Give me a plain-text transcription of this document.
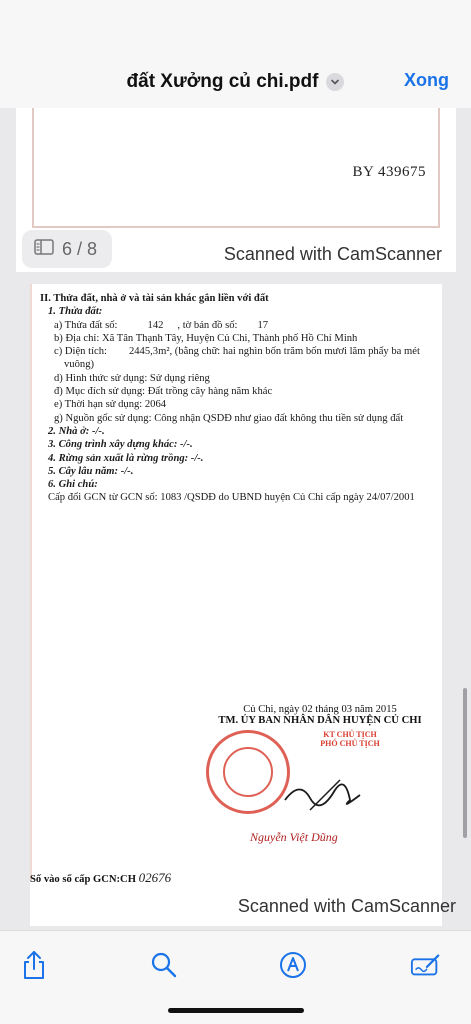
đất Xưởng củ chi.pdf	Xong
BY 439675
Scanned with CamScanner
6 / 8
II. Thửa đất, nhà ở và tài sản khác gắn liền với đất
1. Thửa đất:
a) Thửa đất số:	142 , tờ bản đồ số: 17
b) Địa chỉ: Xã Tân Thạnh Tây, Huyện Củ Chi, Thành phố Hồ Chí Minh
c) Diện tích: 2445,3m², (bằng chữ: hai nghìn bốn trăm bốn mươi lăm phẩy ba mét
vuông)
d) Hình thức sử dụng: Sử dụng riêng
đ) Mục đích sử dụng: Đất trồng cây hàng năm khác
e) Thời hạn sử dụng: 2064
g) Nguồn gốc sử dụng: Công nhận QSDĐ như giao đất không thu tiền sử dụng đất
2. Nhà ở: -/-.
3. Công trình xây dựng khác: -/-.
4. Rừng sản xuất là rừng trồng: -/-.
5. Cây lâu năm: -/-.
6. Ghi chú:
Cấp đổi GCN từ GCN số: 1083 /QSDĐ do UBND huyện Củ Chi cấp ngày 24/07/2001
Củ Chi, ngày 02 tháng 03 năm 2015
TM. ỦY BAN NHÂN DÂN HUYỆN CỦ CHI
KT CHỦ TỊCH
PHÓ CHỦ TỊCH
Nguyễn Việt Dũng
Số vào sổ cấp GCN:CH 02676
Scanned with CamScanner
